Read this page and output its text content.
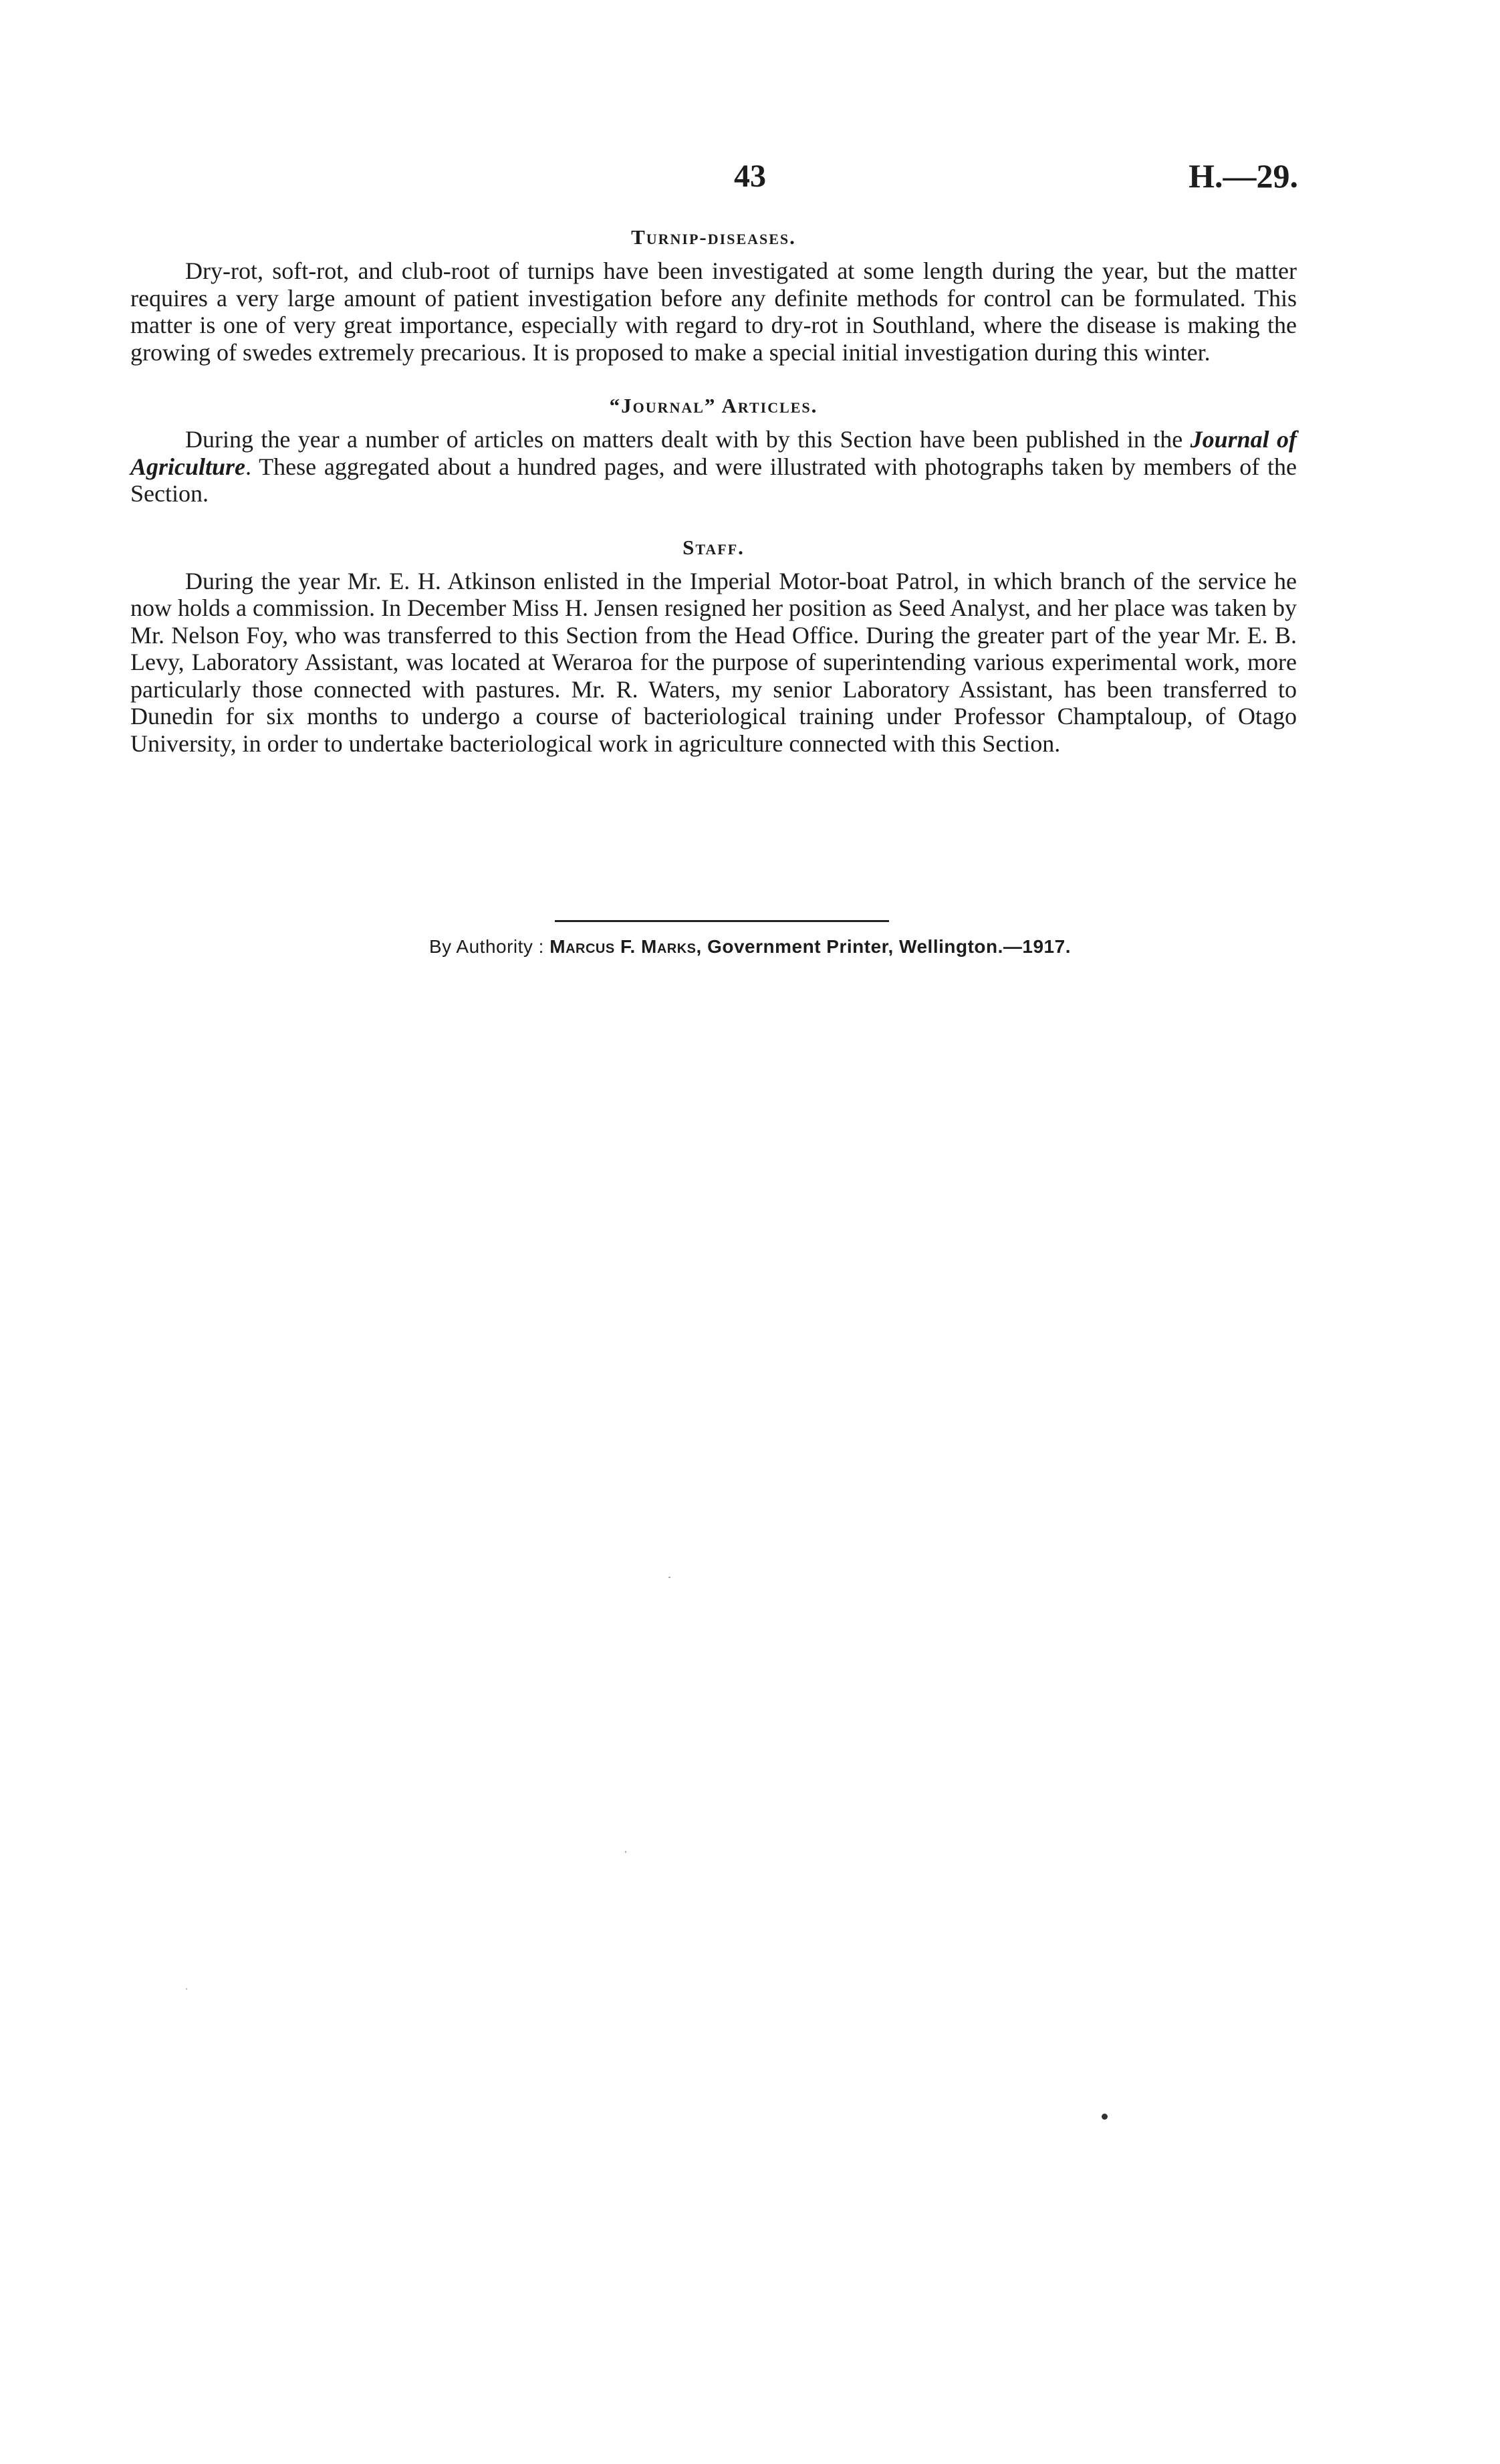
43	H.—29.
Turnip-diseases.

Dry-rot, soft-rot, and club-root of turnips have been investigated at some length during the year, but the matter requires a very large amount of patient investigation before any definite methods for control can be formulated. This matter is one of very great importance, especially with regard to dry-rot in Southland, where the disease is making the growing of swedes extremely precarious. It is proposed to make a special initial investigation during this winter.

“Journal” Articles.

During the year a number of articles on matters dealt with by this Section have been published in the Journal of Agriculture. These aggregated about a hundred pages, and were illustrated with photographs taken by members of the Section.

Staff.

During the year Mr. E. H. Atkinson enlisted in the Imperial Motor-boat Patrol, in which branch of the service he now holds a commission. In December Miss H. Jensen resigned her position as Seed Analyst, and her place was taken by Mr. Nelson Foy, who was transferred to this Section from the Head Office. During the greater part of the year Mr. E. B. Levy, Laboratory Assistant, was located at Weraroa for the purpose of superintending various experimental work, more particularly those connected with pastures. Mr. R. Waters, my senior Laboratory Assistant, has been transferred to Dunedin for six months to undergo a course of bacteriological training under Professor Champtaloup, of Otago University, in order to undertake bacteriological work in agriculture connected with this Section.

By Authority : Marcus F. Marks, Government Printer, Wellington.—1917.
